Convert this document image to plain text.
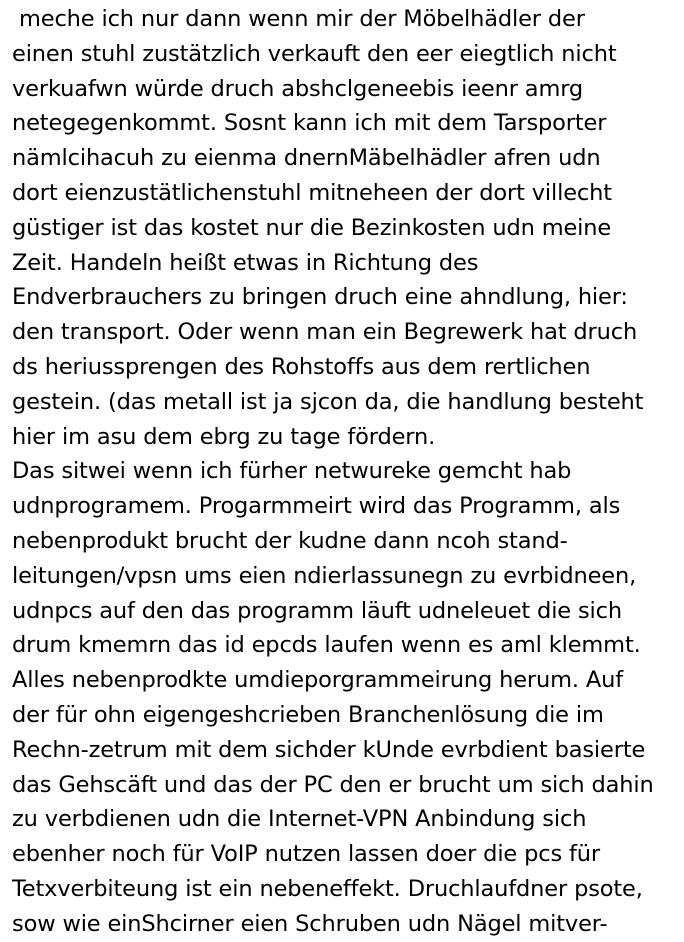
meche ich nur dann wenn mir der Möbelhädler der
einen stuhl zustätzlich verkauft den eer eiegtlich nicht
verkuafwn würde druch abshclgeneebis ieenr amrg
netegegenkommt. Sosnt kann ich mit dem Tarsporter
nämlcihacuh zu eienma dnernMäbelhädler afren udn
dort eienzustätlichenstuhl mitneheen der dort villecht
güstiger ist das kostet nur die Bezinkosten udn meine
Zeit. Handeln heißt etwas in Richtung des
Endverbrauchers zu bringen druch eine ahndlung, hier:
den transport. Oder wenn man ein Begrewerk hat druch
ds heriussprengen des Rohstoffs aus dem rertlichen
gestein. (das metall ist ja sjcon da, die handlung besteht
hier im asu dem ebrg zu tage fördern.
Das sitwei wenn ich fürher netwureke gemcht hab
udnprogramem. Progarmmeirt wird das Programm, als
nebenprodukt brucht der kudne dann ncoh stand-
leitungen/vpsn ums eien ndierlassunegn zu evrbidneen,
udnpcs auf den das programm läuft udneleuet die sich
drum kmemrn das id epcds laufen wenn es aml klemmt.
Alles nebenprodkte umdieporgrammeirung herum. Auf
der für ohn eigengeshcrieben Branchenlösung die im
Rechn-zetrum mit dem sichder kUnde evrbdient basierte
das Gehscäft und das der PC den er brucht um sich dahin
zu verbdienen udn die Internet-VPN Anbindung sich
ebenher noch für VoIP nutzen lassen doer die pcs für
Tetxverbiteung ist ein nebeneffekt. Druchlaufdner psote,
sow wie einShcirner eien Schruben udn Nägel mitver-
